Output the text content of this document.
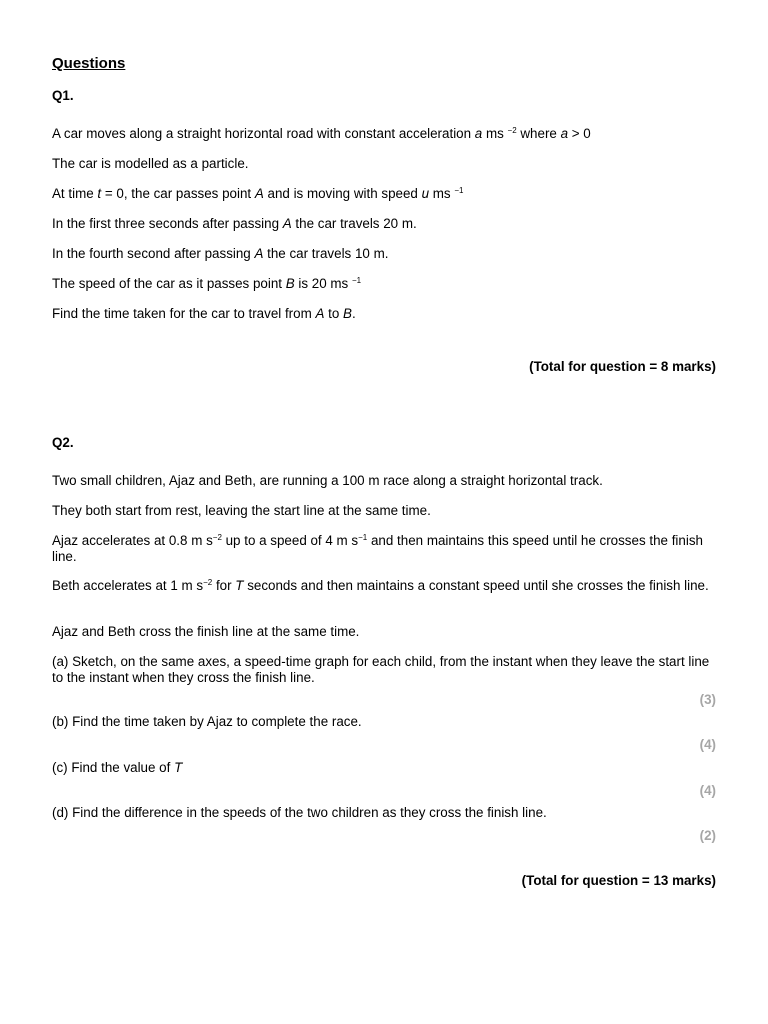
Questions
Q1.
A car moves along a straight horizontal road with constant acceleration a ms $^{-2}$ where a > 0
The car is modelled as a particle.
At time t = 0, the car passes point A and is moving with speed u ms $^{-1}$
In the first three seconds after passing A the car travels 20 m.
In the fourth second after passing A the car travels 10 m.
The speed of the car as it passes point B is 20 ms $^{-1}$
Find the time taken for the car to travel from A to B.
(Total for question = 8 marks)
Q2.
Two small children, Ajaz and Beth, are running a 100 m race along a straight horizontal track.
They both start from rest, leaving the start line at the same time.
Ajaz accelerates at 0.8 m $s^{-2}$ up to a speed of 4 m $s^{-1}$ and then maintains this speed until he crosses the finish line.
Beth accelerates at 1 m $s^{-2}$ for T seconds and then maintains a constant speed until she crosses the finish line.
Ajaz and Beth cross the finish line at the same time.
(a) Sketch, on the same axes, a speed-time graph for each child, from the instant when they leave the start line to the instant when they cross the finish line.
(3)
(b) Find the time taken by Ajaz to complete the race.
(4)
(c) Find the value of T
(4)
(d) Find the difference in the speeds of the two children as they cross the finish line.
(2)
(Total for question = 13 marks)
